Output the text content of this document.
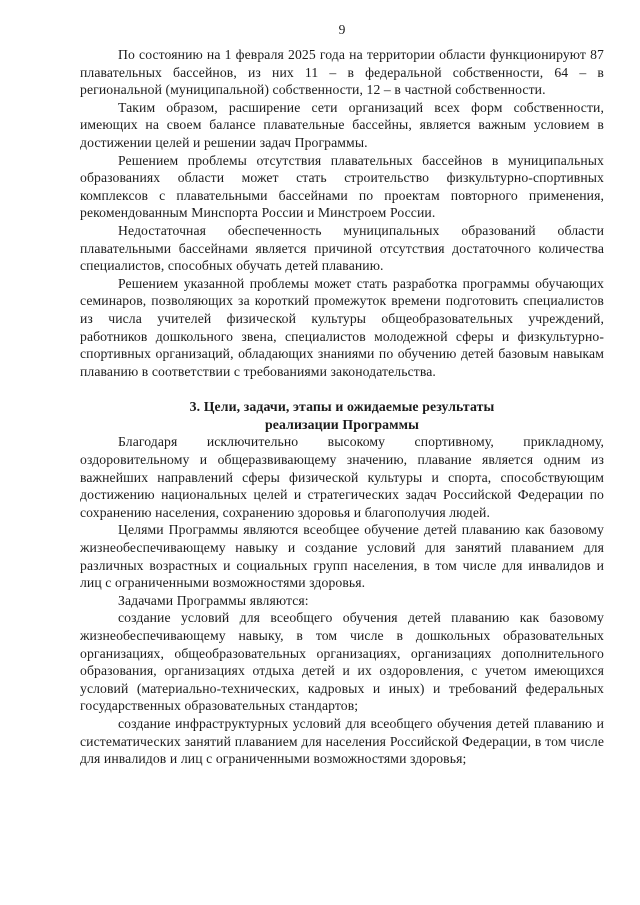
9

По состоянию на 1 февраля 2025 года на территории области функционируют 87 плавательных бассейнов, из них 11 – в федеральной собственности, 64 – в региональной (муниципальной) собственности, 12 – в частной собственности.

Таким образом, расширение сети организаций всех форм собственности, имеющих на своем балансе плавательные бассейны, является важным условием в достижении целей и решении задач Программы.

Решением проблемы отсутствия плавательных бассейнов в муниципальных образованиях области может стать строительство физкультурно-спортивных комплексов с плавательными бассейнами по проектам повторного применения, рекомендованным Минспорта России и Минстроем России.

Недостаточная обеспеченность муниципальных образований области плавательными бассейнами является причиной отсутствия достаточного количества специалистов, способных обучать детей плаванию.

Решением указанной проблемы может стать разработка программы обучающих семинаров, позволяющих за короткий промежуток времени подготовить специалистов из числа учителей физической культуры общеобразовательных учреждений, работников дошкольного звена, специалистов молодежной сферы и физкультурно-спортивных организаций, обладающих знаниями по обучению детей базовым навыкам плаванию в соответствии с требованиями законодательства.

3. Цели, задачи, этапы и ожидаемые результаты
реализации Программы

Благодаря исключительно высокому спортивному, прикладному, оздоровительному и общеразвивающему значению, плавание является одним из важнейших направлений сферы физической культуры и спорта, способствующим достижению национальных целей и стратегических задач Российской Федерации по сохранению населения, сохранению здоровья и благополучия людей.

Целями Программы являются всеобщее обучение детей плаванию как базовому жизнеобеспечивающему навыку и создание условий для занятий плаванием для различных возрастных и социальных групп населения, в том числе для инвалидов и лиц с ограниченными возможностями здоровья.

Задачами Программы являются:

создание условий для всеобщего обучения детей плаванию как базовому жизнеобеспечивающему навыку, в том числе в дошкольных образовательных организациях, общеобразовательных организациях, организациях дополнительного образования, организациях отдыха детей и их оздоровления, с учетом имеющихся условий (материально-технических, кадровых и иных) и требований федеральных государственных образовательных стандартов;

создание инфраструктурных условий для всеобщего обучения детей плаванию и систематических занятий плаванием для населения Российской Федерации, в том числе для инвалидов и лиц с ограниченными возможностями здоровья;
